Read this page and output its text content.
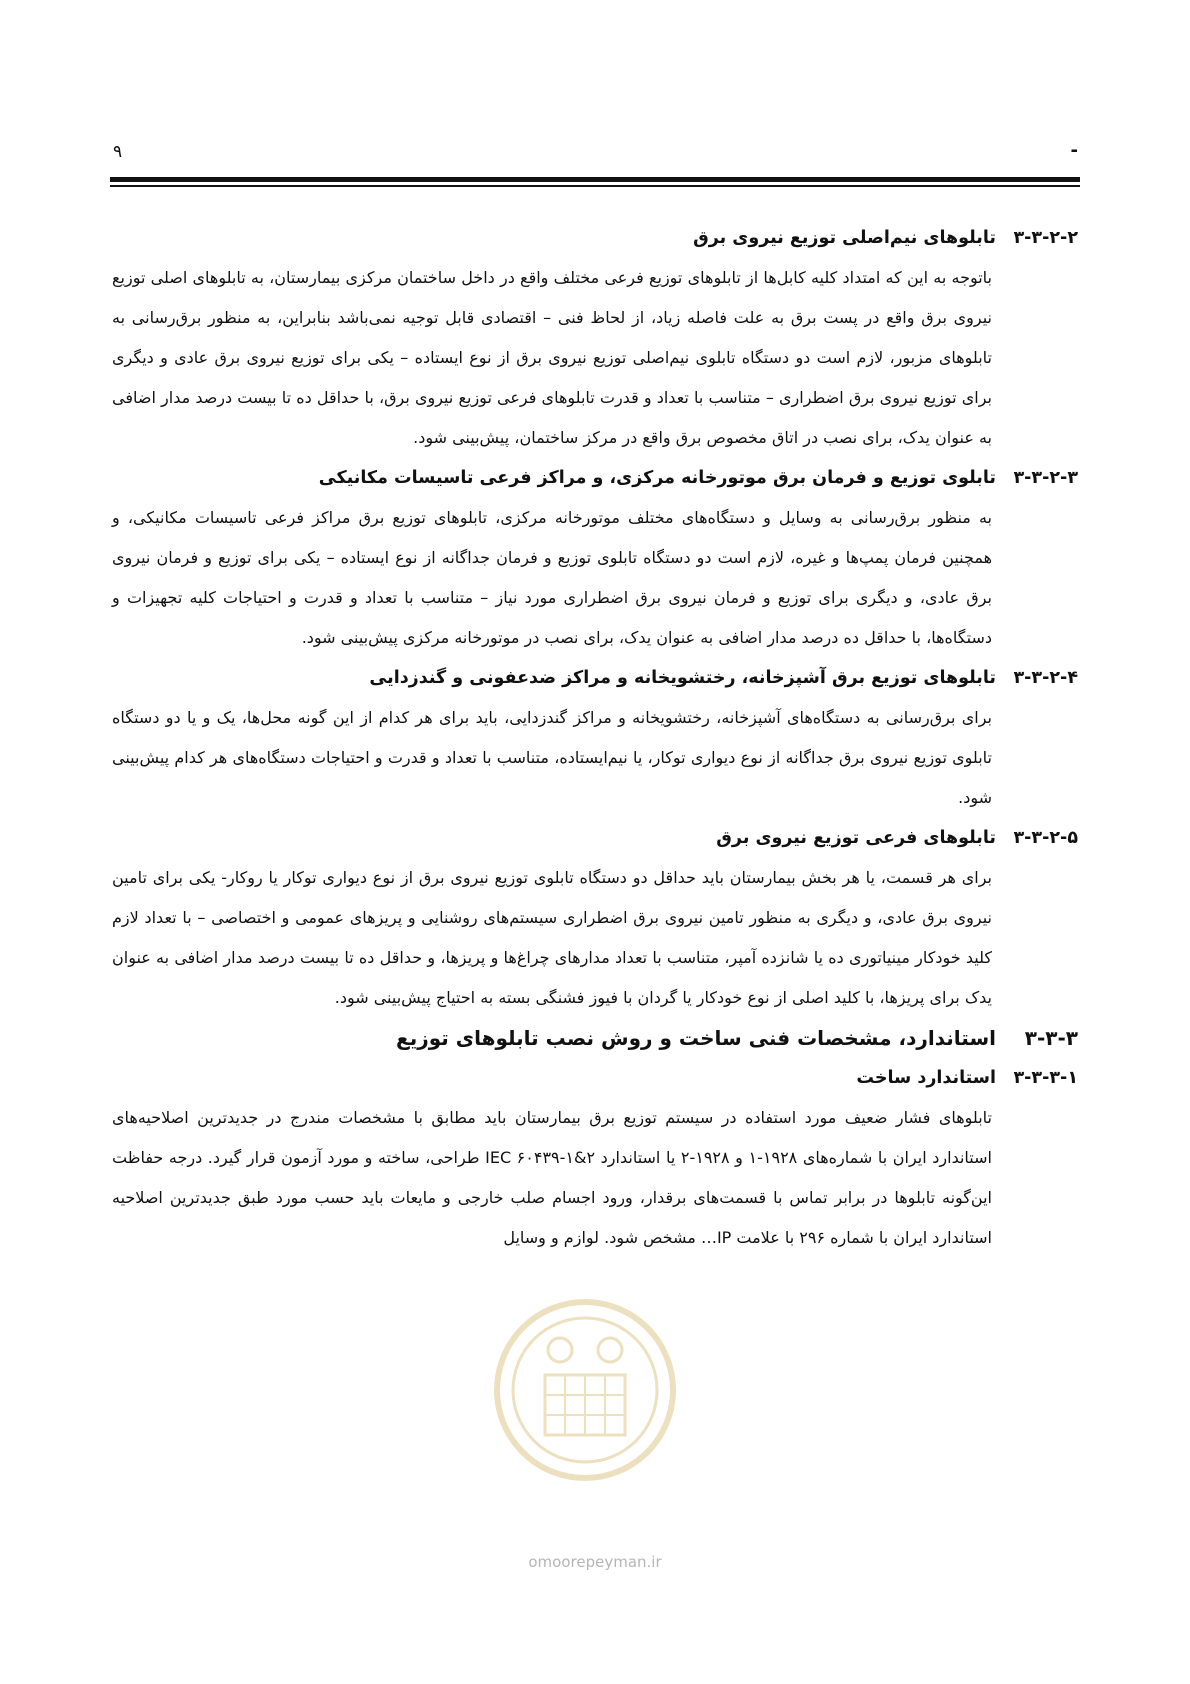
۹	-
۳-۳-۲-۲
تابلوهای نیم‌اصلی توزیع نیروی برق
باتوجه به این که امتداد کلیه کابل‌ها از تابلوهای توزیع فرعی مختلف واقع در داخل ساختمان مرکزی بیمارستان، به تابلوهای اصلی توزیع نیروی برق واقع در پست برق به علت فاصله زیاد، از لحاظ فنی – اقتصادی قابل توجیه نمی‌باشد بنابراین، به منظور برق‌رسانی به تابلوهای مزبور، لازم است دو دستگاه تابلوی نیم‌اصلی توزیع نیروی برق از نوع ایستاده – یکی برای توزیع نیروی برق عادی و دیگری برای توزیع نیروی برق اضطراری – متناسب با تعداد و قدرت تابلوهای فرعی توزیع نیروی برق، با حداقل ده تا بیست درصد مدار اضافی به عنوان یدک، برای نصب در اتاق مخصوص برق واقع در مرکز ساختمان، پیش‌بینی شود.
۳-۳-۲-۳
تابلوی توزیع و فرمان برق موتورخانه مرکزی، و مراکز فرعی تاسیسات مکانیکی
به منظور برق‌رسانی به وسایل و دستگاه‌های مختلف موتورخانه مرکزی، تابلوهای توزیع برق مراکز فرعی تاسیسات مکانیکی، و همچنین فرمان پمپ‌ها و غیره، لازم است دو دستگاه تابلوی توزیع و فرمان جداگانه از نوع ایستاده – یکی برای توزیع و فرمان نیروی برق عادی، و دیگری برای توزیع و فرمان نیروی برق اضطراری مورد نیاز – متناسب با تعداد و قدرت و احتیاجات کلیه تجهیزات و دستگاه‌ها، با حداقل ده درصد مدار اضافی به عنوان یدک، برای نصب در موتورخانه مرکزی پیش‌بینی شود.
۳-۳-۲-۴
تابلوهای توزیع برق آشپزخانه، رختشویخانه و مراکز ضدعفونی و گندزدایی
برای برق‌رسانی به دستگاه‌های آشپزخانه، رختشویخانه و مراکز گندزدایی، باید برای هر کدام از این گونه محل‌ها، یک و یا دو دستگاه تابلوی توزیع نیروی برق جداگانه از نوع دیواری توکار، یا نیم‌ایستاده، متناسب با تعداد و قدرت و احتیاجات دستگاه‌های هر کدام پیش‌بینی شود.
۳-۳-۲-۵
تابلوهای فرعی توزیع نیروی برق
برای هر قسمت، یا هر بخش بیمارستان باید حداقل دو دستگاه تابلوی توزیع نیروی برق از نوع دیواری توکار یا روکار- یکی برای تامین نیروی برق عادی، و دیگری به منظور تامین نیروی برق اضطراری سیستم‌های روشنایی و پریزهای عمومی و اختصاصی – با تعداد لازم کلید خودکار مینیاتوری ده یا شانزده آمپر، متناسب با تعداد مدارهای چراغ‌ها و پریزها، و حداقل ده تا بیست درصد مدار اضافی به عنوان یدک برای پریزها، با کلید اصلی از نوع خودکار یا گردان با فیوز فشنگی بسته به احتیاج پیش‌بینی شود.
۳-۳-۳
استاندارد، مشخصات فنی ساخت و روش نصب تابلوهای توزیع
۳-۳-۳-۱
استاندارد ساخت
تابلوهای فشار ضعیف مورد استفاده در سیستم توزیع برق بیمارستان باید مطابق با مشخصات مندرج در جدیدترین اصلاحیه‌های استاندارد ایران با شماره‌های ۱۹۲۸-۱ و ۱۹۲۸-۲ یا استاندارد IEC ۶۰۴۳۹-۱&۲ طراحی، ساخته و مورد آزمون قرار گیرد. درجه حفاظت این‌گونه تابلوها در برابر تماس با قسمت‌های برقدار، ورود اجسام صلب خارجی و مایعات باید حسب مورد طبق جدیدترین اصلاحیه استاندارد ایران با شماره ۲۹۶ با علامت IP… مشخص شود. لوازم و وسایل
omoorepeyman.ir
